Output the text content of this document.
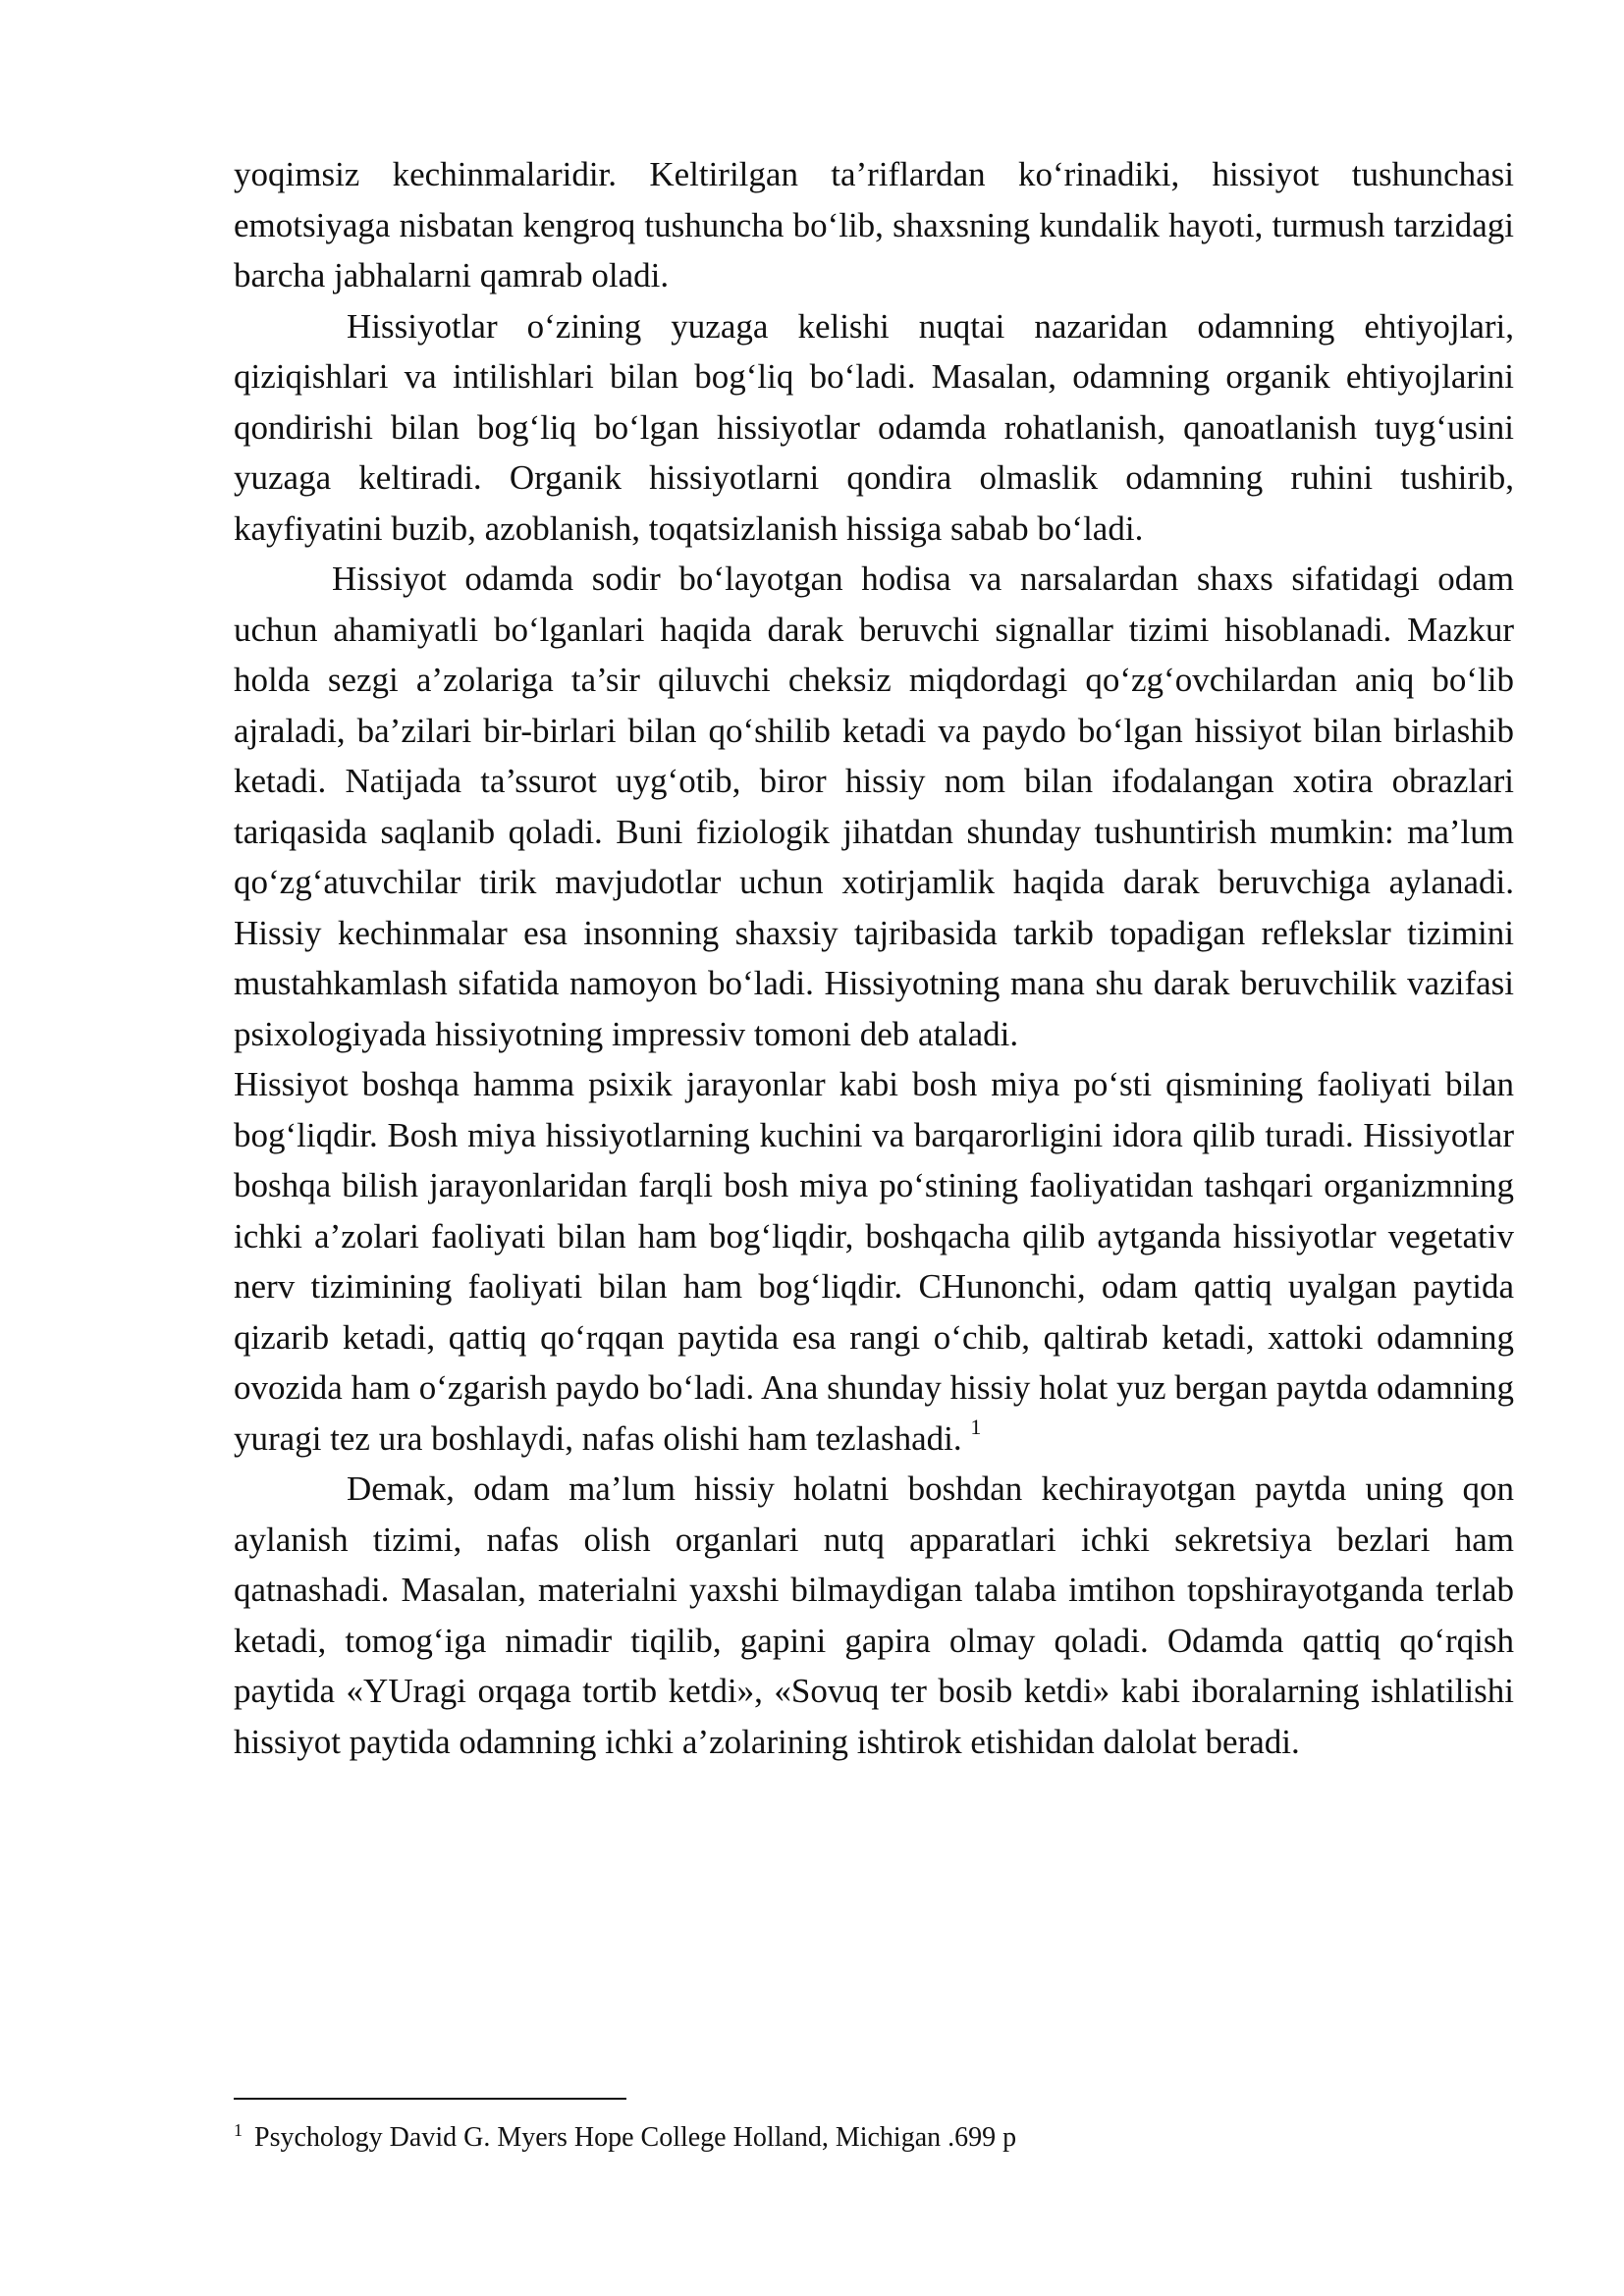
yoqimsiz kechinmalaridir. Keltirilgan ta’riflardan ko‘rinadiki, hissiyot tushunchasi emotsiyaga nisbatan kengroq tushuncha bo‘lib, shaxsning kundalik hayoti, turmush tarzidagi barcha jabhalarni qamrab oladi.

Hissiyotlar o‘zining yuzaga kelishi nuqtai nazaridan odamning ehtiyojlari, qiziqishlari va intilishlari bilan bog‘liq bo‘ladi. Masalan, odamning organik ehtiyojlarini qondirishi bilan bog‘liq bo‘lgan hissiyotlar odamda rohatlanish, qanoatlanish tuyg‘usini yuzaga keltiradi. Organik hissiyotlarni qondira olmaslik odamning ruhini tushirib, kayfiyatini buzib, azoblanish, toqatsizlanish hissiga sabab bo‘ladi.

Hissiyot odamda sodir bo‘layotgan hodisa va narsalardan shaxs sifatidagi odam uchun ahamiyatli bo‘lganlari haqida darak beruvchi signallar tizimi hisoblanadi. Mazkur holda sezgi a’zolariga ta’sir qiluvchi cheksiz miqdordagi qo‘zg‘ovchilardan aniq bo‘lib ajraladi, ba’zilari bir-birlari bilan qo‘shilib ketadi va paydo bo‘lgan hissiyot bilan birlashib ketadi. Natijada ta’ssurot uyg‘otib, biror hissiy nom bilan ifodalangan xotira obrazlari tariqasida saqlanib qoladi. Buni fiziologik jihatdan shunday tushuntirish mumkin: ma’lum qo‘zg‘atuvchilar tirik mavjudotlar uchun xotirjamlik haqida darak beruvchiga aylanadi. Hissiy kechinmalar esa insonning shaxsiy tajribasida tarkib topadigan reflekslar tizimini mustahkamlash sifatida namoyon bo‘ladi. Hissiyotning mana shu darak beruvchilik vazifasi psixologiyada hissiyotning impressiv tomoni deb ataladi.

Hissiyot boshqa hamma psixik jarayonlar kabi bosh miya po‘sti qismining faoliyati bilan bog‘liqdir. Bosh miya hissiyotlarning kuchini va barqarorligini idora qilib turadi. Hissiyotlar boshqa bilish jarayonlaridan farqli bosh miya po‘stining faoliyatidan tashqari organizmning ichki a’zolari faoliyati bilan ham bog‘liqdir, boshqacha qilib aytganda hissiyotlar vegetativ nerv tizimining faoliyati bilan ham bog‘liqdir. CHunonchi, odam qattiq uyalgan paytida qizarib ketadi, qattiq qo‘rqqan paytida esa rangi o‘chib, qaltirab ketadi, xattoki odamning ovozida ham o‘zgarish paydo bo‘ladi. Ana shunday hissiy holat yuz bergan paytda odamning yuragi tez ura boshlaydi, nafas olishi ham tezlashadi. $^1$

Demak, odam ma’lum hissiy holatni boshdan kechirayotgan paytda uning qon aylanish tizimi, nafas olish organlari nutq apparatlari ichki sekretsiya bezlari ham qatnashadi. Masalan, materialni yaxshi bilmaydigan talaba imtihon topshirayotganda terlab ketadi, tomog‘iga nimadir tiqilib, gapini gapira olmay qoladi. Odamda qattiq qo‘rqish paytida «YUragi orqaga tortib ketdi», «Sovuq ter bosib ketdi» kabi iboralarning ishlatilishi hissiyot paytida odamning ichki a’zolarining ishtirok etishidan dalolat beradi.

$^1$ Psychology David G. Myers Hope College Holland, Michigan .699 p
